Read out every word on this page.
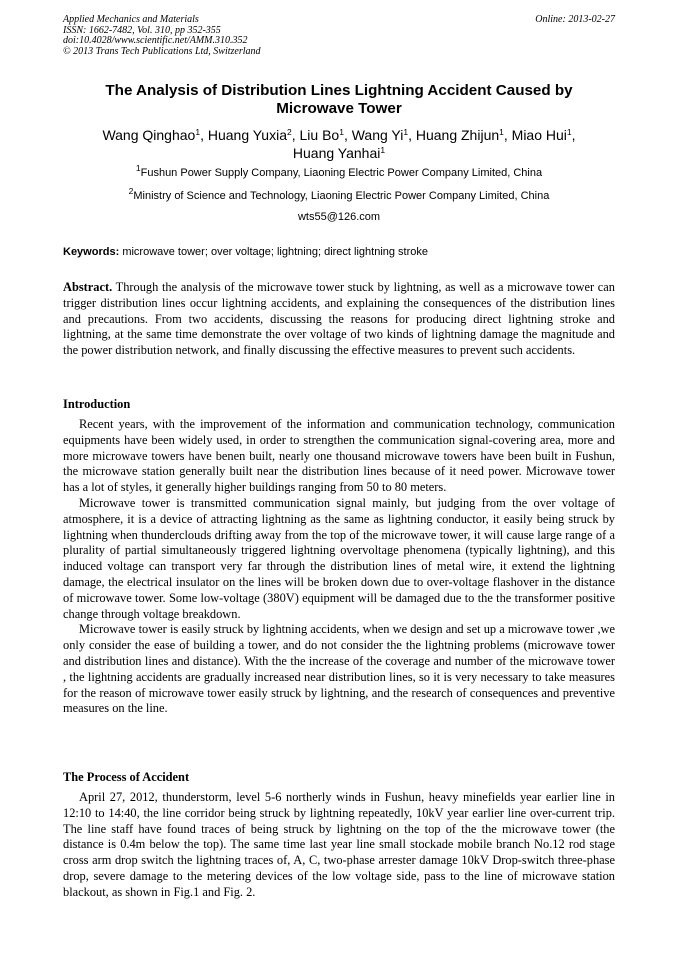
Applied Mechanics and Materials
ISSN: 1662-7482, Vol. 310, pp 352-355
doi:10.4028/www.scientific.net/AMM.310.352
© 2013 Trans Tech Publications Ltd, Switzerland
Online: 2013-02-27
The Analysis of Distribution Lines Lightning Accident Caused by
Microwave Tower
Wang Qinghao$^1$, Huang Yuxia$^2$, Liu Bo$^1$, Wang Yi$^1$, Huang Zhijun$^1$, Miao Hui$^1$,
Huang Yanhai$^1$
$^1$Fushun Power Supply Company, Liaoning Electric Power Company Limited, China
$^2$Ministry of Science and Technology, Liaoning Electric Power Company Limited, China
wts55@126.com
Keywords: microwave tower; over voltage; lightning; direct lightning stroke

Abstract. Through the analysis of the microwave tower stuck by lightning, as well as a microwave tower can trigger distribution lines occur lightning accidents, and explaining the consequences of the distribution lines and precautions. From two accidents, discussing the reasons for producing direct lightning stroke and lightning, at the same time demonstrate the over voltage of two kinds of lightning damage the magnitude and the power distribution network, and finally discussing the effective measures to prevent such accidents.

Introduction

Recent years, with the improvement of the information and communication technology, communication equipments have been widely used, in order to strengthen the communication signal-covering area, more and more microwave towers have benen built, nearly one thousand microwave towers have been built in Fushun, the microwave station generally built near the distribution lines because of it need power. Microwave tower has a lot of styles, it generally higher buildings ranging from 50 to 80 meters.

Microwave tower is transmitted communication signal mainly, but judging from the over voltage of atmosphere, it is a device of attracting lightning as the same as lightning conductor, it easily being struck by lightning when thunderclouds drifting away from the top of the microwave tower, it will cause large range of a plurality of partial simultaneously triggered lightning overvoltage phenomena (typically lightning), and this induced voltage can transport very far through the distribution lines of metal wire, it extend the lightning damage, the electrical insulator on the lines will be broken down due to over-voltage flashover in the distance of microwave tower. Some low-voltage (380V) equipment will be damaged due to the the transformer positive change through voltage breakdown.

Microwave tower is easily struck by lightning accidents, when we design and set up a microwave tower ,we only consider the ease of building a tower, and do not consider the the lightning problems (microwave tower and distribution lines and distance). With the the increase of the coverage and number of the microwave tower , the lightning accidents are gradually increased near distribution lines, so it is very necessary to take measures for the reason of microwave tower easily struck by lightning, and the research of consequences and preventive measures on the line.

The Process of Accident

April 27, 2012, thunderstorm, level 5-6 northerly winds in Fushun, heavy minefields year earlier line in 12:10 to 14:40, the line corridor being struck by lightning repeatedly, 10kV year earlier line over-current trip. The line staff have found traces of being struck by lightning on the top of the the microwave tower (the distance is 0.4m below the top). The same time last year line small stockade mobile branch No.12 rod stage cross arm drop switch the lightning traces of, A, C, two-phase arrester damage 10kV Drop-switch three-phase drop, severe damage to the metering devices of the low voltage side, pass to the line of microwave station blackout, as shown in Fig.1 and Fig. 2.
